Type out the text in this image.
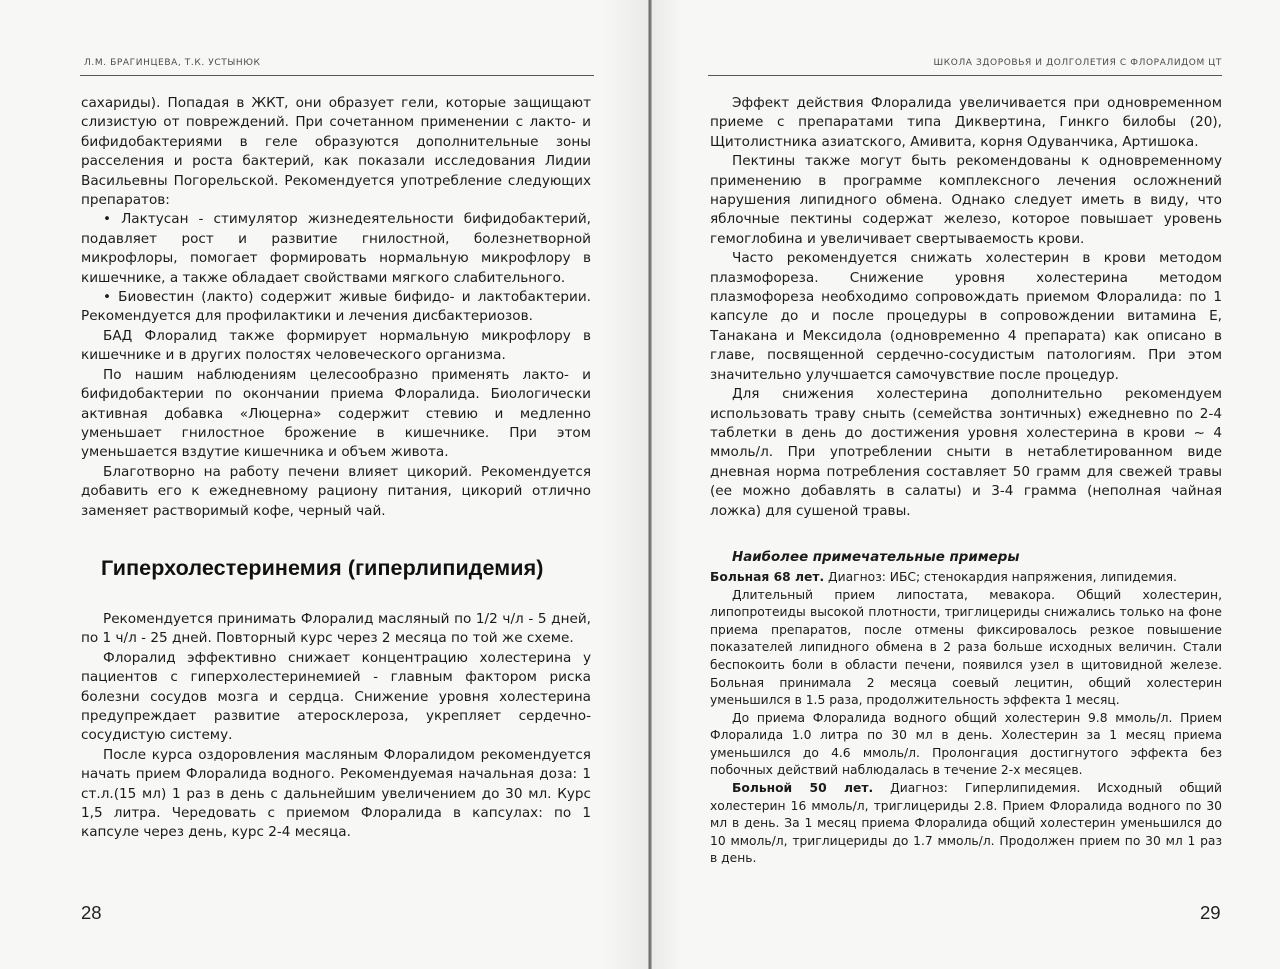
Л.М. БРАГИНЦЕВА, Т.К. УСТЫНЮК

сахариды). Попадая в ЖКТ, они образует гели, которые защищают слизистую от повреждений. При сочетанном применении с лакто- и бифидобактериями в геле образуются дополнительные зоны расселения и роста бактерий, как показали исследования Лидии Васильевны Погорельской. Рекомендуется употребление следующих препаратов:

• Лактусан - стимулятор жизнедеятельности бифидобактерий, подавляет рост и развитие гнилостной, болезнетворной микрофлоры, помогает формировать нормальную микрофлору в кишечнике, а также обладает свойствами мягкого слабительного.

• Биовестин (лакто) содержит живые бифидо- и лактобактерии. Рекомендуется для профилактики и лечения дисбактериозов.

БАД Флоралид также формирует нормальную микрофлору в кишечнике и в других полостях человеческого организма.

По нашим наблюдениям целесообразно применять лакто- и бифидобактерии по окончании приема Флоралида. Биологически активная добавка «Люцерна» содержит стевию и медленно уменьшает гнилостное брожение в кишечнике. При этом уменьшается вздутие кишечника и объем живота.

Благотворно на работу печени влияет цикорий. Рекомендуется добавить его к ежедневному рациону питания, цикорий отлично заменяет растворимый кофе, черный чай.

Гиперхолестеринемия (гиперлипидемия)

Рекомендуется принимать Флоралид масляный по 1/2 ч/л - 5 дней, по 1 ч/л - 25 дней. Повторный курс через 2 месяца по той же схеме.

Флоралид эффективно снижает концентрацию холестерина у пациентов с гиперхолестеринемией - главным фактором риска болезни сосудов мозга и сердца. Снижение уровня холестерина предупреждает развитие атеросклероза, укрепляет сердечно-сосудистую систему.

После курса оздоровления масляным Флоралидом рекомендуется начать прием Флоралида водного. Рекомендуемая начальная доза: 1 ст.л.(15 мл) 1 раз в день с дальнейшим увеличением до 30 мл. Курс 1,5 литра. Чередовать с приемом Флоралида в капсулах: по 1 капсуле через день, курс 2-4 месяца.

28
ШКОЛА ЗДОРОВЬЯ И ДОЛГОЛЕТИЯ С ФЛОРАЛИДОМ ЦТ

Эффект действия Флоралида увеличивается при одновременном приеме с препаратами типа Диквертина, Гинкго билобы (20), Щитолистника азиатского, Амивита, корня Одуванчика, Артишока.

Пектины также могут быть рекомендованы к одновременному применению в программе комплексного лечения осложнений нарушения липидного обмена. Однако следует иметь в виду, что яблочные пектины содержат железо, которое повышает уровень гемоглобина и увеличивает свертываемость крови.

Часто рекомендуется снижать холестерин в крови методом плазмофореза. Снижение уровня холестерина методом плазмофореза необходимо сопровождать приемом Флоралида: по 1 капсуле до и после процедуры в сопровождении витамина Е, Танакана и Мексидола (одновременно 4 препарата) как описано в главе, посвященной сердечно-сосудистым патологиям. При этом значительно улучшается самочувствие после процедур.

Для снижения холестерина дополнительно рекомендуем использовать траву сныть (семейства зонтичных) ежедневно по 2-4 таблетки в день до достижения уровня холестерина в крови ~ 4 ммоль/л. При употреблении сныти в нетаблетированном виде дневная норма потребления составляет 50 грамм для свежей травы (ее можно добавлять в салаты) и 3-4 грамма (неполная чайная ложка) для сушеной травы.

Наиболее примечательные примеры

Больная 68 лет. Диагноз: ИБС; стенокардия напряжения, липидемия.

Длительный прием липостата, мевакора. Общий холестерин, липопротеиды высокой плотности, триглицериды снижались только на фоне приема препаратов, после отмены фиксировалось резкое повышение показателей липидного обмена в 2 раза больше исходных величин. Стали беспокоить боли в области печени, появился узел в щитовидной железе. Больная принимала 2 месяца соевый лецитин, общий холестерин уменьшился в 1.5 раза, продолжительность эффекта 1 месяц.

До приема Флоралида водного общий холестерин 9.8 ммоль/л. Прием Флоралида 1.0 литра по 30 мл в день. Холестерин за 1 месяц приема уменьшился до 4.6 ммоль/л. Пролонгация достигнутого эффекта без побочных действий наблюдалась в течение 2-х месяцев.

Больной 50 лет. Диагноз: Гиперлипидемия. Исходный общий холестерин 16 ммоль/л, триглицериды 2.8. Прием Флоралида водного по 30 мл в день. За 1 месяц приема Флоралида общий холестерин уменьшился до 10 ммоль/л, триглицериды до 1.7 ммоль/л. Продолжен прием по 30 мл 1 раз в день.

29
